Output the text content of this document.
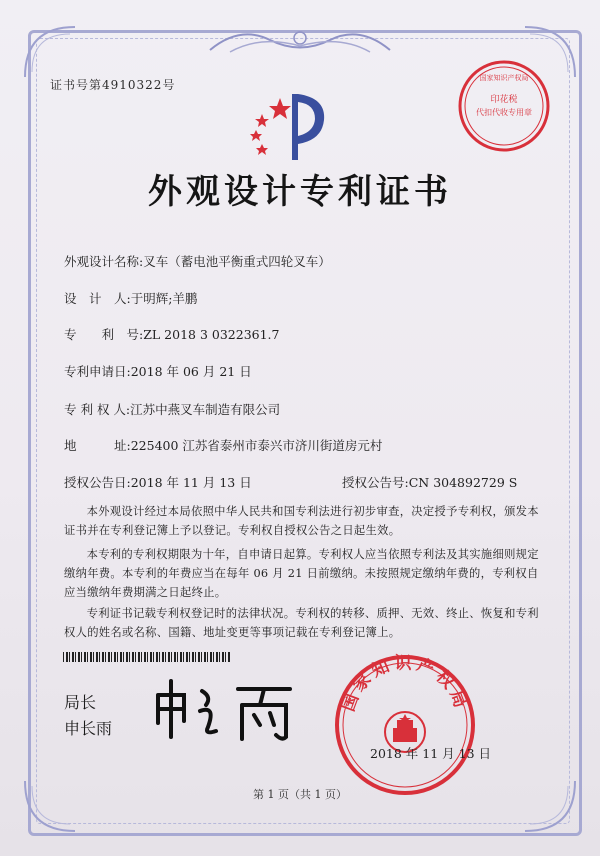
证书号第4910322号
印花税
代扣代收专用章
国家知识产权局
外观设计专利证书
外观设计名称:叉车（蓄电池平衡重式四轮叉车）
设　计　人:于明辉;羊鹏
专　　利　号:ZL 2018 3 0322361.7
专利申请日:2018 年 06 月 21 日
专 利 权 人:江苏中燕叉车制造有限公司
地　　　址:225400 江苏省泰州市泰兴市济川街道房元村
授权公告日:2018 年 11 月 13 日	授权公告号:CN 304892729 S
本外观设计经过本局依照中华人民共和国专利法进行初步审查，决定授予专利权，颁发本证书并在专利登记簿上予以登记。专利权自授权公告之日起生效。
本专利的专利权期限为十年，自申请日起算。专利权人应当依照专利法及其实施细则规定缴纳年费。本专利的年费应当在每年 06 月 21 日前缴纳。未按照规定缴纳年费的，专利权自应当缴纳年费期满之日起终止。
专利证书记载专利权登记时的法律状况。专利权的转移、质押、无效、终止、恢复和专利权人的姓名或名称、国籍、地址变更等事项记载在专利登记簿上。
局长
申长雨
国家知识产权局
2018 年 11 月 13 日
第 1 页（共 1 页）
